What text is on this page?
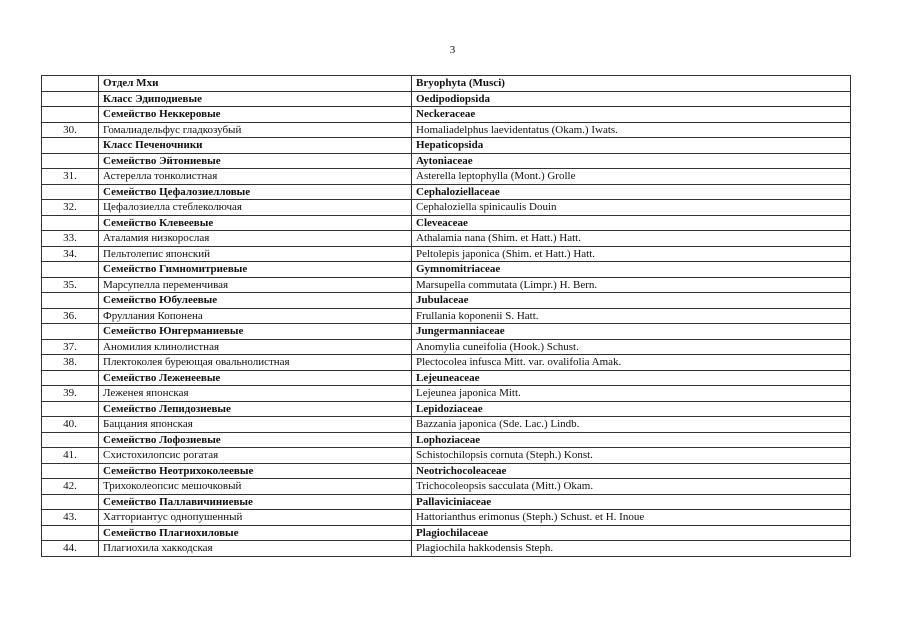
3
	Отдел Мхи	Bryophyta (Musci)
	Класс Эдиподиевые	Oedipodiopsida
	Семейство Неккеровые	Neckeraceae
30.	Гомалиадельфус гладкозубый	Homaliadelphus laevidentatus (Okam.) Iwats.
	Класс Печеночники	Hepaticopsida
	Семейство Эйтониевые	Aytoniaceae
31.	Астерелла тонколистная	Asterella leptophylla (Mont.) Grolle
	Семейство Цефалозиелловые	Cephaloziellaceae
32.	Цефалозиелла стеблеколючая	Cephaloziella spinicaulis Douin
	Семейство Клевеевые	Cleveaceae
33.	Аталамия низкорослая	Athalamia nana (Shim. et Hatt.) Hatt.
34.	Пельтолепис японский	Peltolepis japonica (Shim. et Hatt.) Hatt.
	Семейство Гимномитриевые	Gymnomitriaceae
35.	Марсупелла переменчивая	Marsupella commutata (Limpr.) H. Bern.
	Семейство Юбулеевые	Jubulaceae
36.	Фруллания Копонена	Frullania koponenii S. Hatt.
	Семейство Юнгерманиевые	Jungermanniaceae
37.	Аномилия клинолистная	Anomylia cuneifolia (Hook.) Schust.
38.	Плектоколея буреющая овальнолистная	Plectocolea infusca Mitt. var. ovalifolia Amak.
	Семейство Леженеевые	Lejeuneaceae
39.	Леженея японская	Lejeunea japonica Mitt.
	Семейство Лепидозиевые	Lepidoziaceae
40.	Баццания японская	Bazzania japonica (Sde. Lac.) Lindb.
	Семейство Лофозиевые	Lophoziaceae
41.	Схистохилопсис рогатая	Schistochilopsis cornuta (Steph.) Konst.
	Семейство Неотрихоколеевые	Neotrichocoleaceae
42.	Трихоколеопсис мешочковый	Trichocoleopsis sacculata (Mitt.) Okam.
	Семейство Паллавичиниевые	Pallaviciniaceae
43.	Хатториантус однопушенный	Hattorianthus erimonus (Steph.) Schust. et H. Inoue
	Семейство Плагиохиловые	Plagiochilaceae
44.	Плагиохила хаккодская	Plagiochila hakkodensis Steph.
